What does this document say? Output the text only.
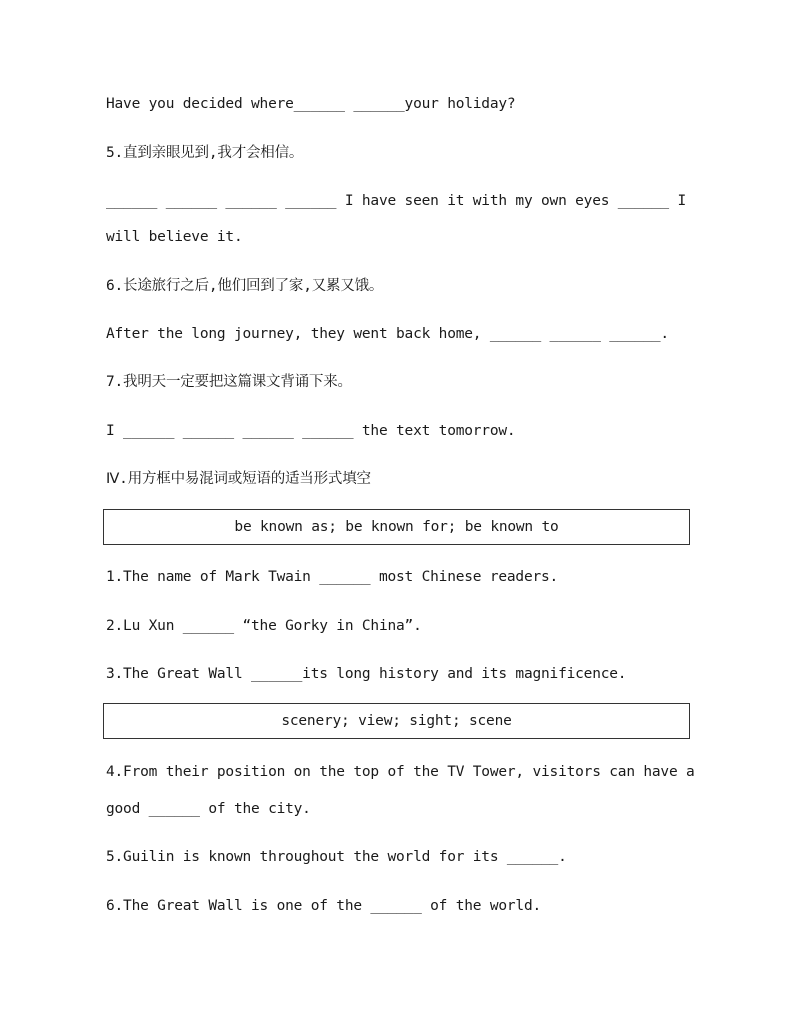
Have you decided where______ ______your holiday?
5.直到亲眼见到,我才会相信。
______ ______ ______ ______ I have seen it with my own eyes ______ I
will believe it.
6.长途旅行之后,他们回到了家,又累又饿。
After the long journey, they went back home, ______ ______ ______.
7.我明天一定要把这篇课文背诵下来。
I ______ ______ ______ ______ the text tomorrow.
Ⅳ.用方框中易混词或短语的适当形式填空
be known as; be known for; be known to
1.The name of Mark Twain ______ most Chinese readers.
2.Lu Xun ______ “the Gorky in China”.
3.The Great Wall ______its long history and its magnificence.
scenery; view; sight; scene
4.From their position on the top of the TV Tower, visitors can have a
good ______ of the city.
5.Guilin is known throughout the world for its ______.
6.The Great Wall is one of the ______ of the world.
